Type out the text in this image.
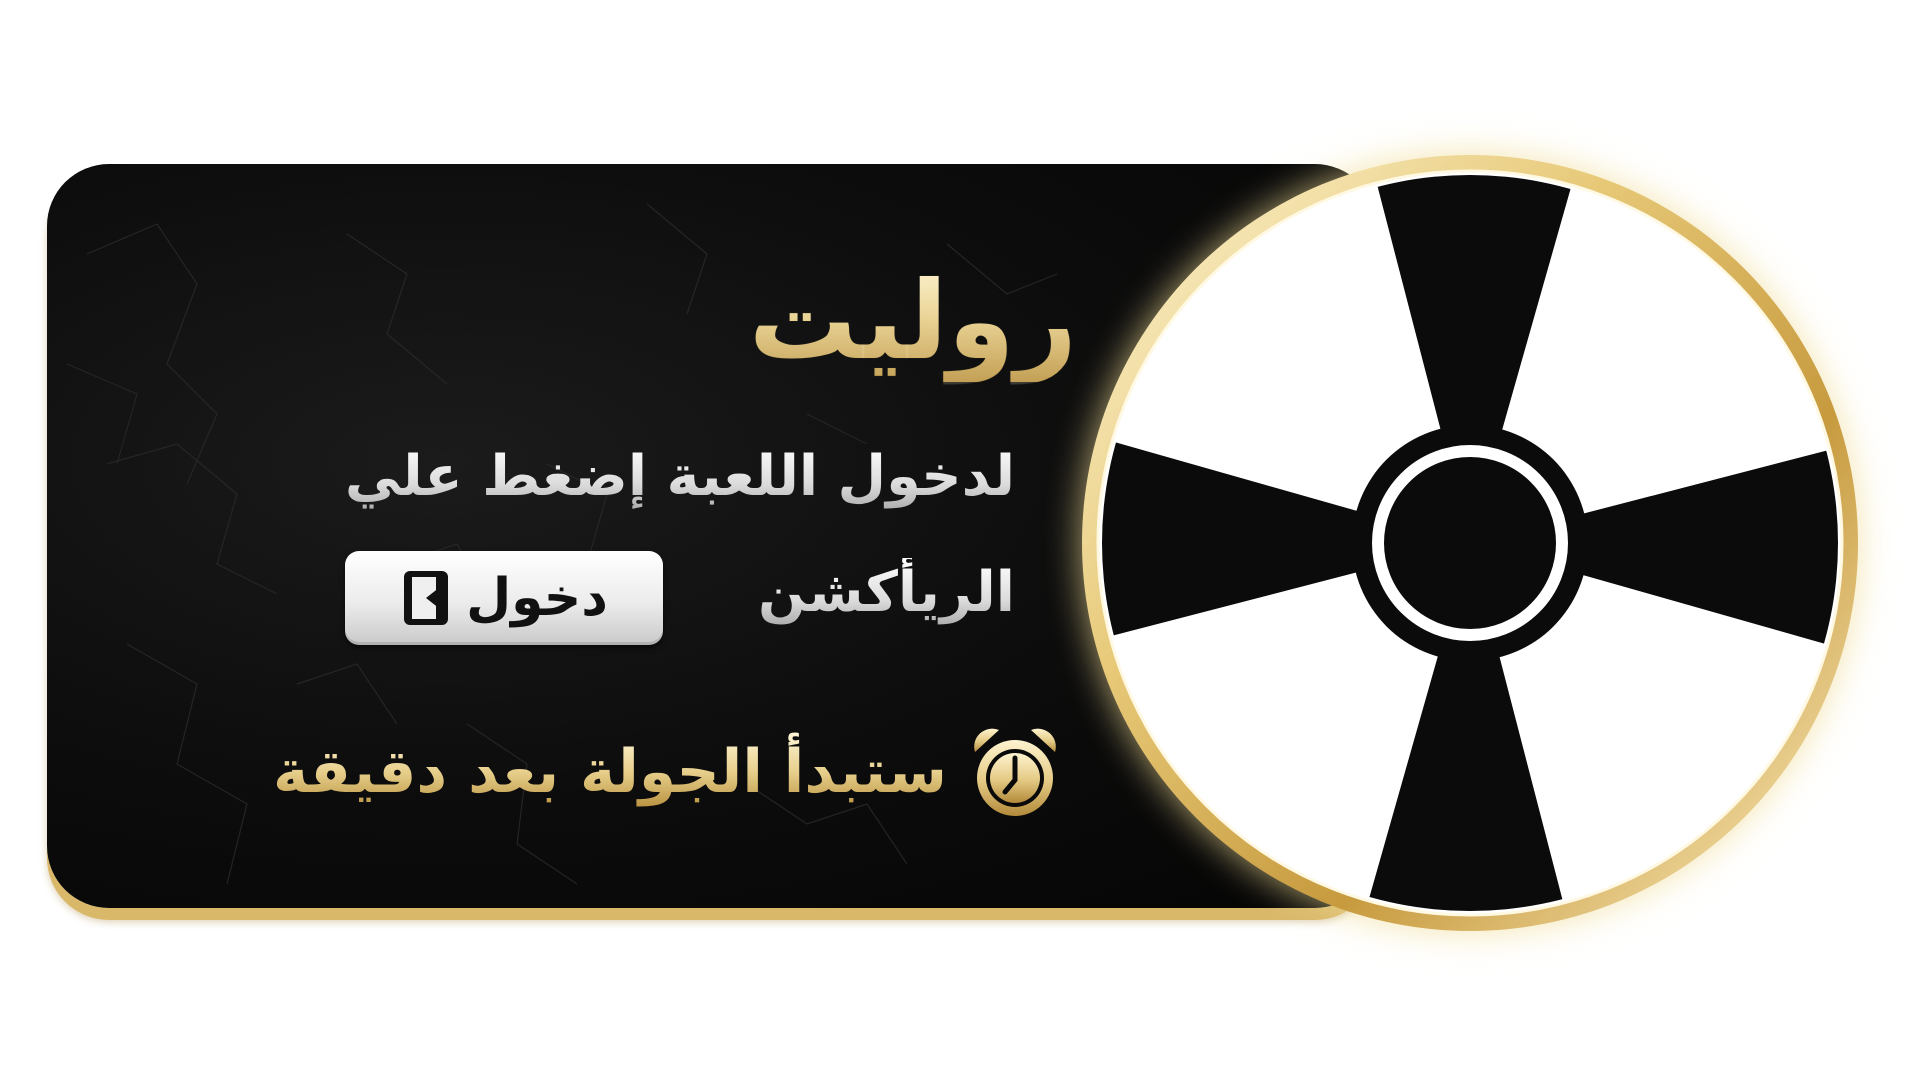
روليت
لدخول اللعبة إضغط علي
الريأكشن
دخول
ستبدأ الجولة بعد دقيقة
